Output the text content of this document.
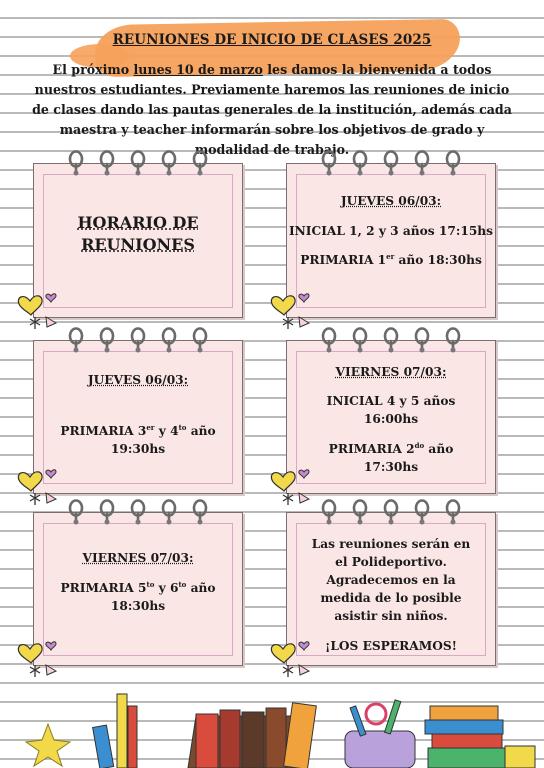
REUNIONES DE INICIO DE CLASES 2025
El próximo lunes 10 de marzo les damos la bienvenida a todos nuestros estudiantes. Previamente haremos las reuniones de inicio de clases dando las pautas generales de la institución, además cada maestra y teacher informarán sobre los objetivos de grado y modalidad de trabajo.
HORARIO DE
REUNIONES
JUEVES 06/03:
INICIAL 1, 2 y 3 años 17:15hs
PRIMARIA 1er año 18:30hs
JUEVES 06/03:
PRIMARIA 3er y $4^{to}$ año
19:30hs
VIERNES 07/03:
INICIAL 4 y 5 años
16:00hs
PRIMARIA $2^{do}$ año
17:30hs
VIERNES 07/03:
PRIMARIA $5^{to}$ y $6^{to}$ año
18:30hs
Las reuniones serán en
el Polideportivo.
Agradecemos en la
medida de lo posible
asistir sin niños.
¡LOS ESPERAMOS!
